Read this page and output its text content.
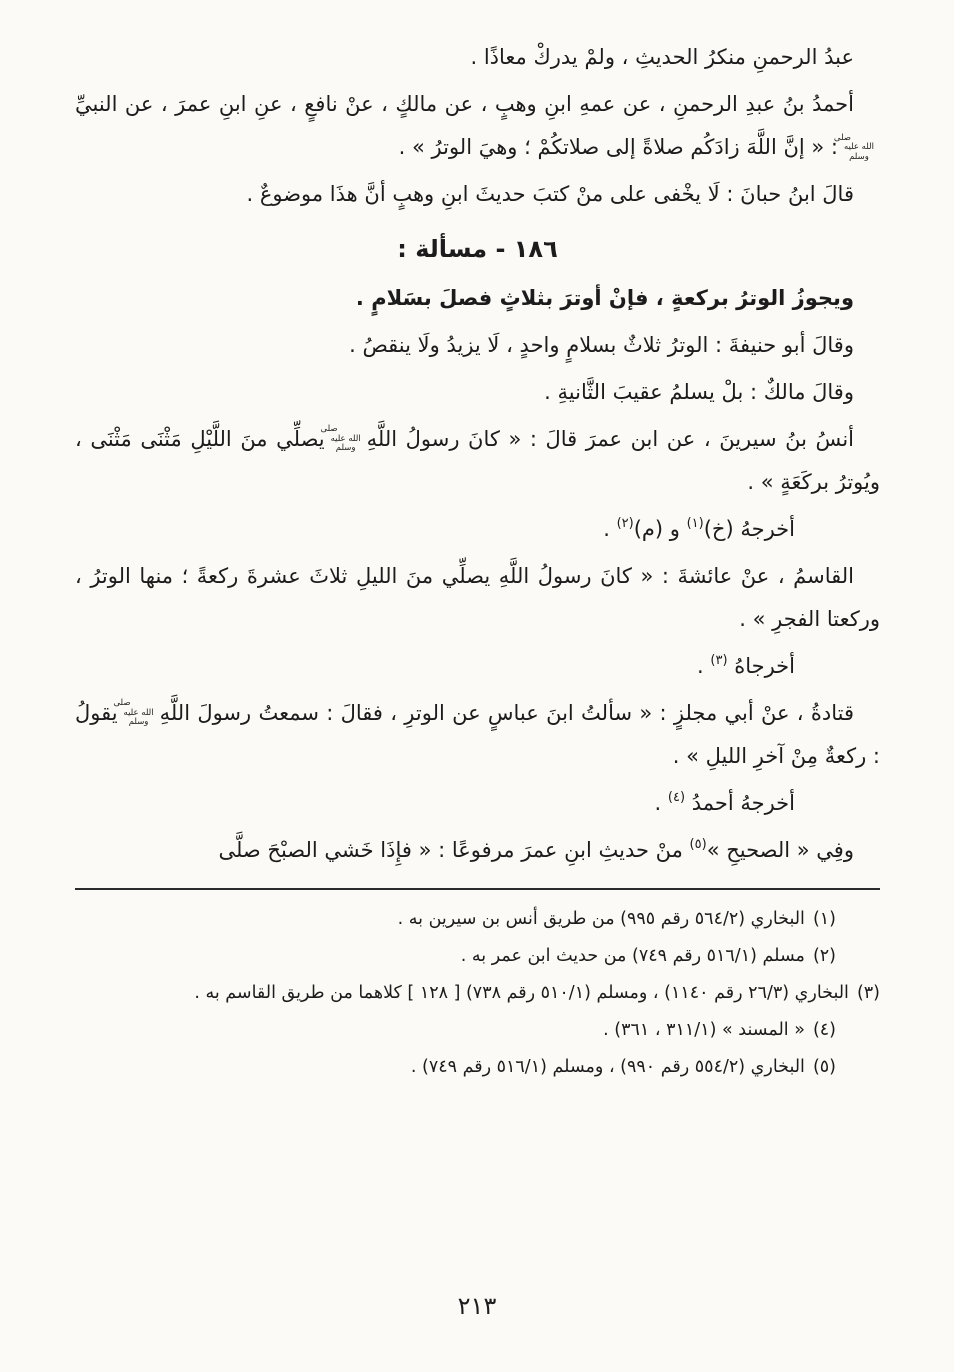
عبدُ الرحمنِ منكرُ الحديثِ ، ولمْ يدركْ معاذًا .

أحمدُ بنُ عبدِ الرحمنِ ، عن عمهِ ابنِ وهبٍ ، عن مالكٍ ، عنْ نافعٍ ، عنِ ابنِ عمرَ ، عن النبيِّصلى الله عليه وسلم: « إنَّ اللَّهَ زادَكُم صلاةً إلى صلاتكُمْ ؛ وهيَ الوترُ » .

قالَ ابنُ حبانَ : لَا يخْفى على منْ كتبَ حديثَ ابنِ وهبٍ أنَّ هذَا موضوعٌ .

١٨٦ - مسألة :

ويجوزُ الوترُ بركعةٍ ، فإنْ أوترَ بثلاثٍ فصلَ بسَلامٍ .

وقالَ أبو حنيفةَ : الوترُ ثلاثٌ بسلامٍ واحدٍ ، لَا يزيدُ ولَا ينقصُ .

وقالَ مالكٌ : بلْ يسلمُ عقيبَ الثَّانيةِ .

أنسُ بنُ سيرينَ ، عن ابن عمرَ قالَ : « كانَ رسولُ اللَّهِصلى الله عليه وسلميصلِّي منَ اللَّيْلِ مَثْنَى مَثْنَى ، ويُوترُ بركَعَةٍ » .

أخرجهُ (خ)$^{(١)}$ و (م)$^{(٢)}$ .

القاسمُ ، عنْ عائشةَ : « كانَ رسولُ اللَّهِ يصلِّي منَ الليلِ ثلاثَ عشرةَ ركعةً ؛ منها الوترُ ، وركعتا الفجرِ » .

أخرجاهُ $^{(٣)}$ .

قتادةُ ، عنْ أبي مجلزٍ : « سألتُ ابنَ عباسٍ عن الوترِ ، فقالَ : سمعتُ رسولَ اللَّهِصلى الله عليه وسلميقولُ : ركعةٌ مِنْ آخرِ الليلِ » .

أخرجهُ أحمدُ $^{(٤)}$ .

وفِي « الصحيحِ »$^{(٥)}$ منْ حديثِ ابنِ عمرَ مرفوعًا : « فإِذَا خَشي الصبْحَ صلَّى

(١)البخاري (٥٦٤/٢ رقم ٩٩٥) من طريق أنس بن سيرين به .

(٢)مسلم (٥١٦/١ رقم ٧٤٩) من حديث ابن عمر به .

(٣)البخاري (٢٦/٣ رقم ١١٤٠) ، ومسلم (٥١٠/١ رقم ٧٣٨) [ ١٢٨ ] كلاهما من طريق القاسم به .

(٤)« المسند » (٣١١/١ ، ٣٦١) .

(٥)البخاري (٥٥٤/٢ رقم ٩٩٠) ، ومسلم (٥١٦/١ رقم ٧٤٩) .

٢١٣
